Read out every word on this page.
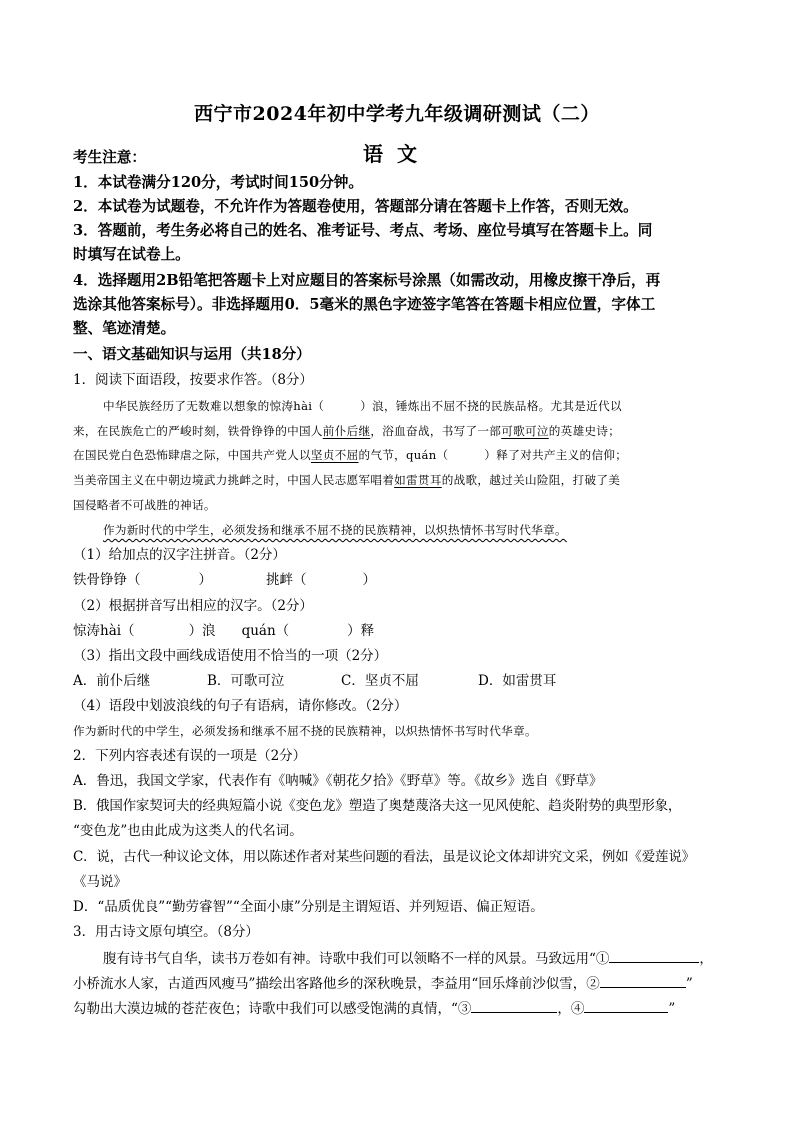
西宁市2024年初中学考九年级调研测试（二）
语文
考生注意：
1．本试卷满分120分，考试时间150分钟。
2．本试卷为试题卷，不允许作为答题卷使用，答题部分请在答题卡上作答，否则无效。
3．答题前，考生务必将自己的姓名、准考证号、考点、考场、座位号填写在答题卡上。同
时填写在试卷上。
4．选择题用2B铅笔把答题卡上对应题目的答案标号涂黑（如需改动，用橡皮擦干净后，再
选涂其他答案标号）。非选择题用0．5毫米的黑色字迹签字笔答在答题卡相应位置，字体工
整、笔迹清楚。
一、语文基础知识与运用（共18分）
1．阅读下面语段，按要求作答。（8分）
中华民族经历了无数难以想象的惊涛hài（	）浪，锤炼出不屈不挠的民族品格。尤其是近代以
来，在民族危亡的严峻时刻，铁骨铮铮的中国人前仆后继，浴血奋战，书写了一部可歌可泣的英雄史诗；
在国民党白色恐怖肆虐之际，中国共产党人以坚贞不屈的气节，quán（	）释了对共产主义的信仰；
当美帝国主义在中朝边境武力挑衅之时，中国人民志愿军唱着如雷贯耳的战歌，越过关山险阻，打破了美
国侵略者不可战胜的神话。
作为新时代的中学生，必须发扬和继承不屈不挠的民族精神，以炽热情怀书写时代华章。
（1）给加点的汉字注拼音。（2分）
铁骨铮铮（	）	挑衅（	）
（2）根据拼音写出相应的汉字。（2分）
惊涛hài（	）浪 quán（	）释
（3）指出文段中画线成语使用不恰当的一项（2分）
A．前仆后继	B．可歌可泣	C．坚贞不屈	D．如雷贯耳
（4）语段中划波浪线的句子有语病，请你修改。（2分）
作为新时代的中学生，必须发扬和继承不屈不挠的民族精神，以炽热情怀书写时代华章。
2．下列内容表述有误的一项是（2分）
A．鲁迅，我国文学家，代表作有《呐喊》《朝花夕拾》《野草》等。《故乡》选自《野草》
B．俄国作家契诃夫的经典短篇小说《变色龙》塑造了奥楚蔑洛夫这一见风使舵、趋炎附势的典型形象，
“变色龙”也由此成为这类人的代名词。
C．说，古代一种议论文体，用以陈述作者对某些问题的看法，虽是议论文体却讲究文采，例如《爱莲说》
《马说》
D．“品质优良”“勤劳睿智”“全面小康”分别是主谓短语、并列短语、偏正短语。
3．用古诗文原句填空。（8分）
腹有诗书气自华，读书万卷如有神。诗歌中我们可以领略不一样的风景。马致远用“①	，
小桥流水人家，古道西风瘦马”描绘出客路他乡的深秋晚景，李益用“回乐烽前沙似雪，②	”
勾勒出大漠边城的苍茫夜色；诗歌中我们可以感受饱满的真情，“③	，④	”
